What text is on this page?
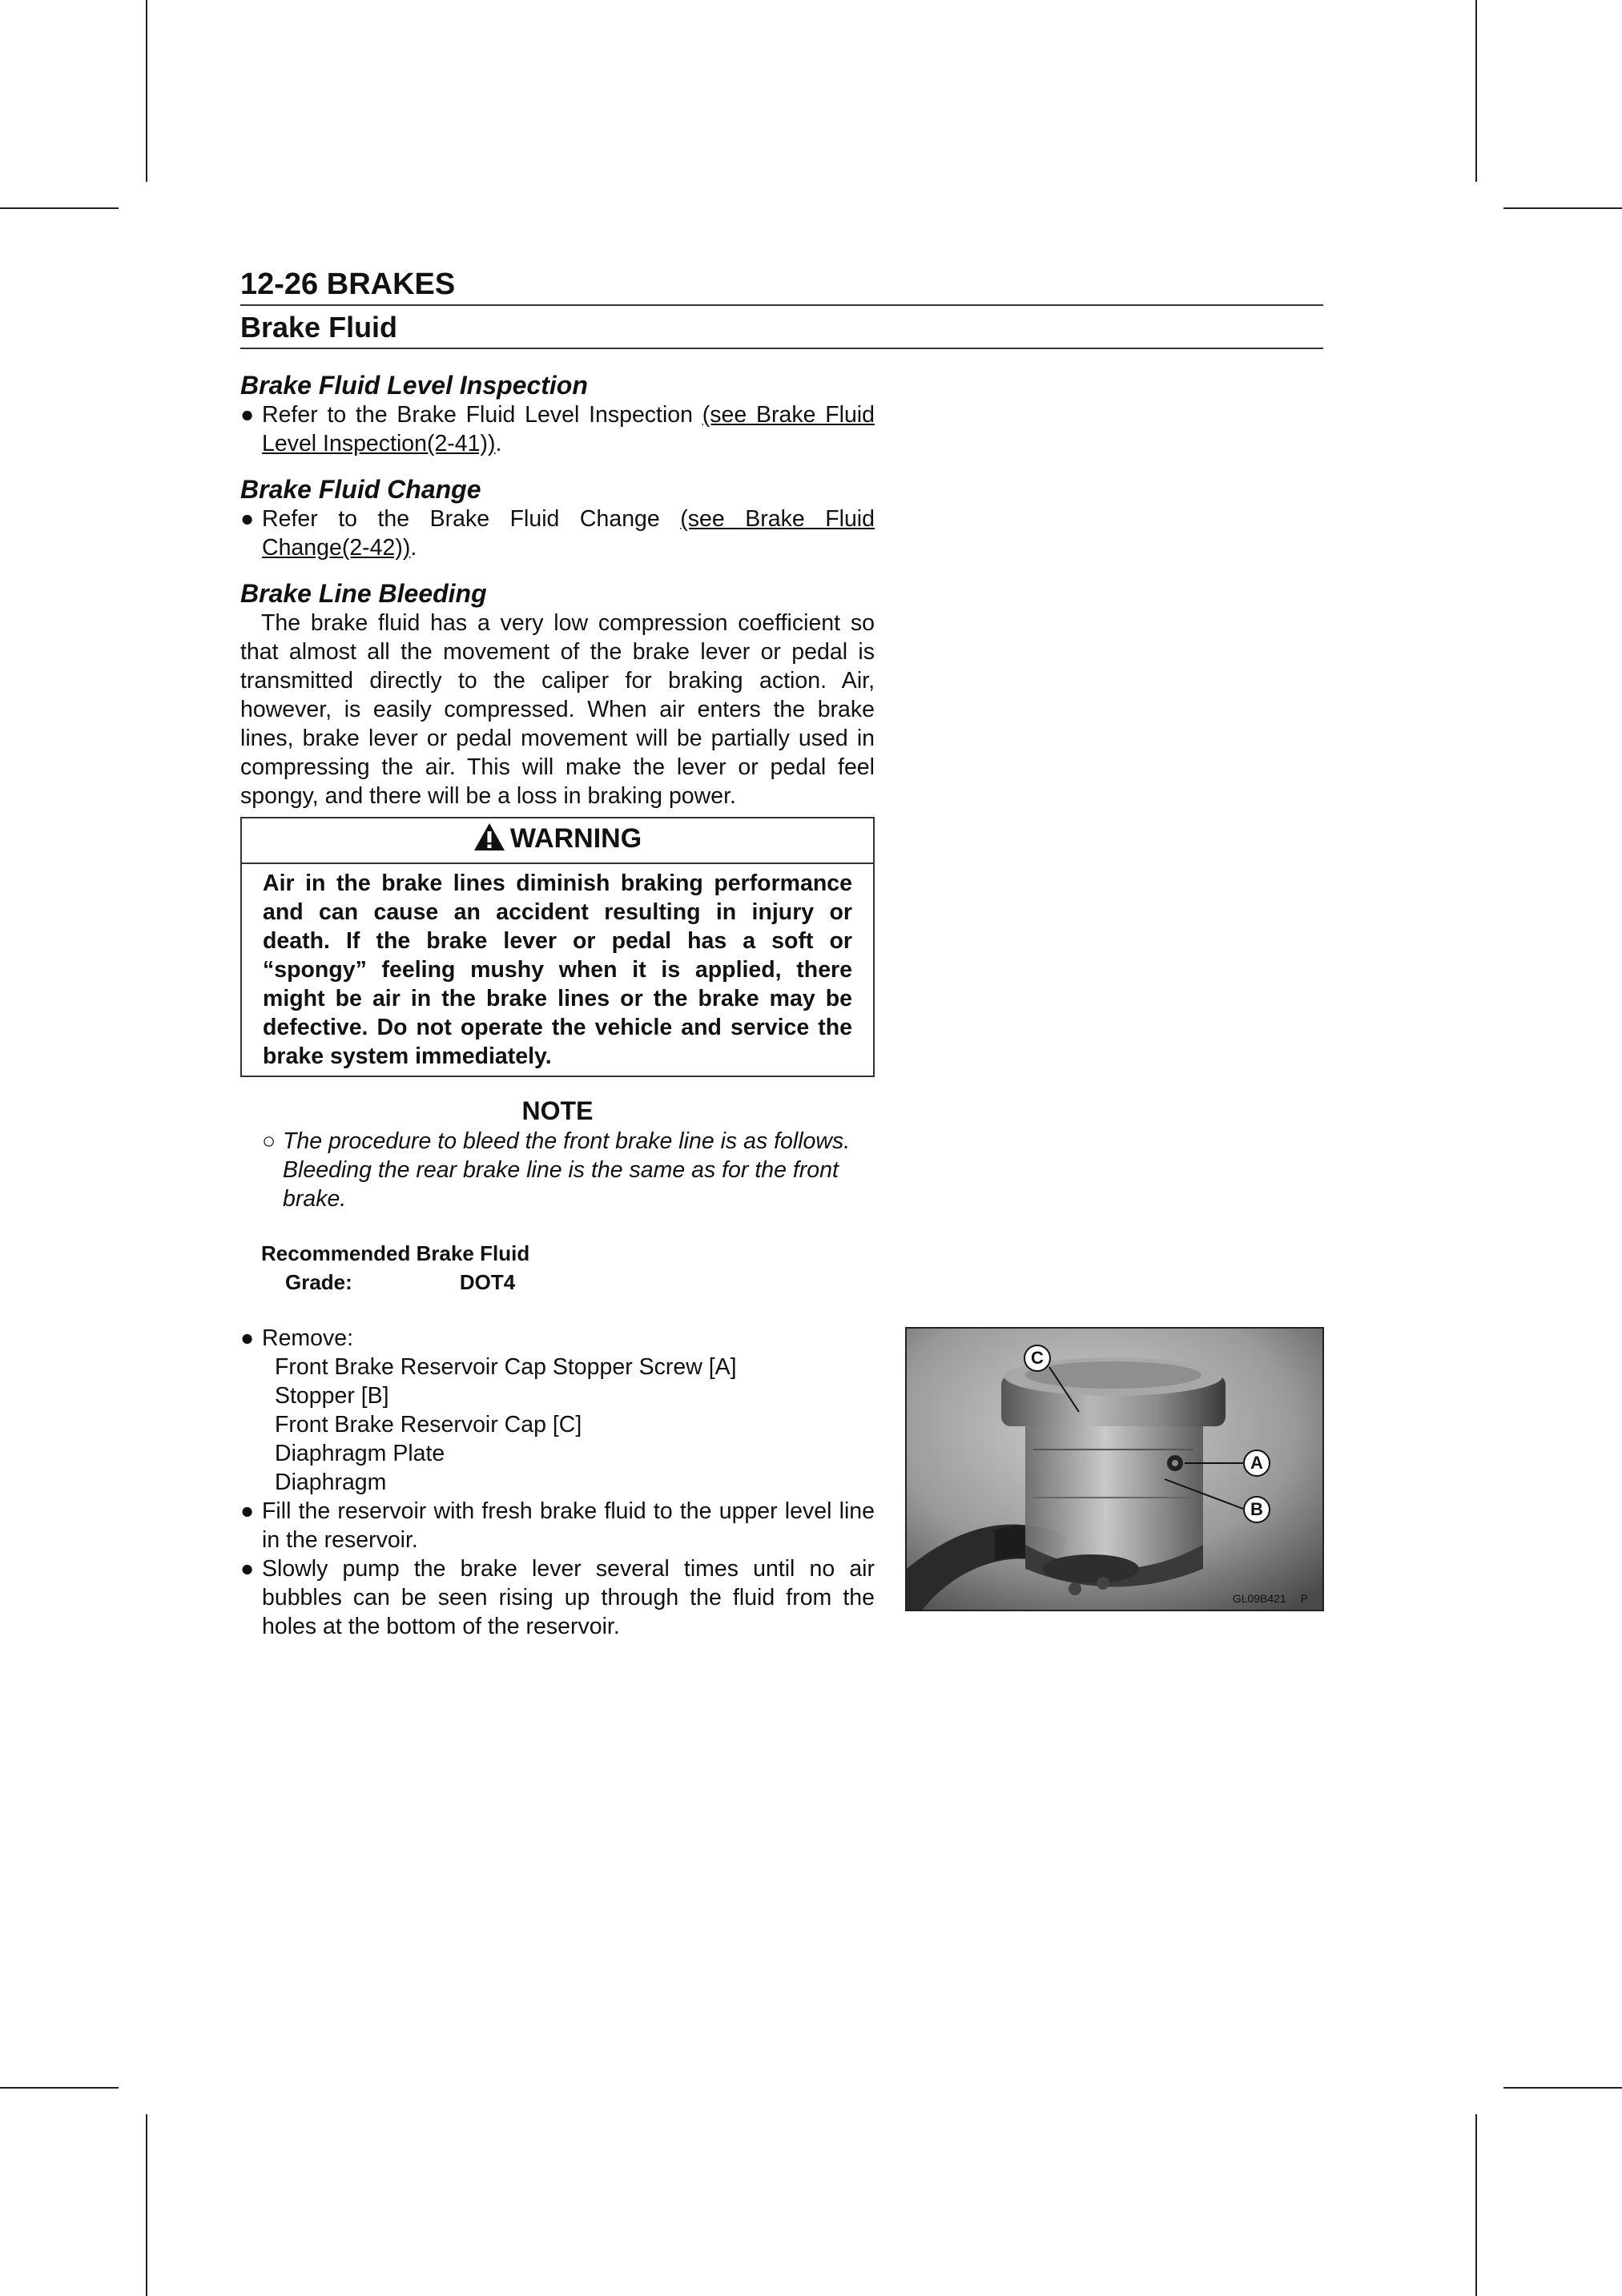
12-26 BRAKES
Brake Fluid
Brake Fluid Level Inspection
● Refer to the Brake Fluid Level Inspection (see Brake Fluid Level Inspection(2-41)).
Brake Fluid Change
● Refer to the Brake Fluid Change (see Brake Fluid Change(2-42)).
Brake Line Bleeding
The brake fluid has a very low compression coefficient so that almost all the movement of the brake lever or pedal is transmitted directly to the caliper for braking action. Air, however, is easily compressed. When air enters the brake lines, brake lever or pedal movement will be partially used in compressing the air. This will make the lever or pedal feel spongy, and there will be a loss in braking power.
WARNING
Air in the brake lines diminish braking performance and can cause an accident resulting in injury or death. If the brake lever or pedal has a soft or “spongy” feeling mushy when it is applied, there might be air in the brake lines or the brake may be defective. Do not operate the vehicle and service the brake system immediately.
NOTE
○ The procedure to bleed the front brake line is as follows. Bleeding the rear brake line is the same as for the front brake.
Recommended Brake Fluid
Grade:	DOT4
● Remove:
Front Brake Reservoir Cap Stopper Screw [A]
Stopper [B]
Front Brake Reservoir Cap [C]
Diaphragm Plate
Diaphragm
● Fill the reservoir with fresh brake fluid to the upper level line in the reservoir.
● Slowly pump the brake lever several times until no air bubbles can be seen rising up through the fluid from the holes at the bottom of the reservoir.
C
A
B
GL09B421 P
